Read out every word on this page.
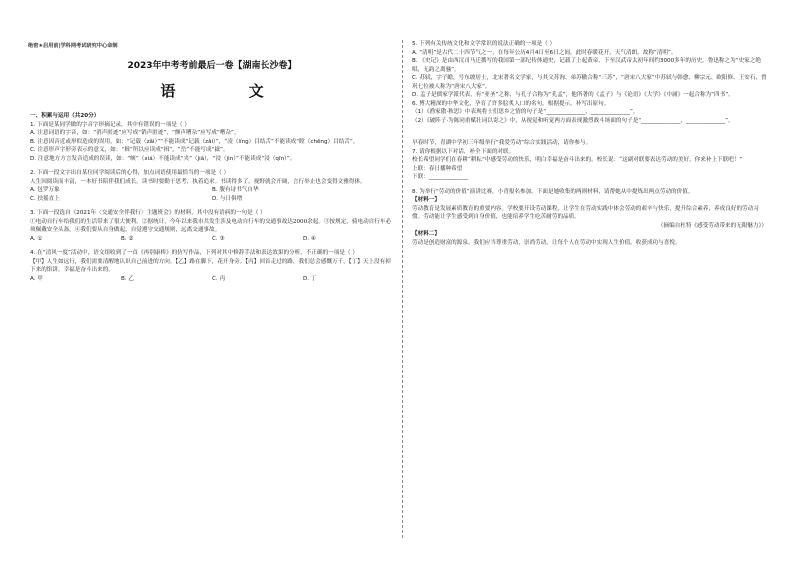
绝密★启用前|学科网考试研究中心命制
2023年中考考前最后一卷【湖南长沙卷】
语 文

一、积累与运用（共20分）

1. 下面是某同学做的字音字形摘记录，其中有错误的一项是（ ）

A. 注意词语的字音，如：“消声匿迹”应写成“销声匿迹”，“颤声嘈杂”应写成“嘈杂”。

B. 注意因音近或形似造成的误用，如：“记载（zǎi）”“不能读成“记载（zǎi）”，“凌（líng）目结舌”不能读成“瞠（chēng）目结舌”。

C. 注意形声字形旁表示的意义，如：“揖”所以应读成“揖”，“岳”不能写成“嶽”。

D. 注意地方方言发音造成的误读，如：“峡”（xiá）不能读成“夹”（jiā），“浸（jìn）”不能读成“浸（qīn）”。

2. 下面一段文字出自某位同学阅读后的心得，加点词语使用最恰当的一项是（ ）

人生因阅读而丰富，一本好书陪伴我们成长。读书时要勤于思考，执着追求。书读得多了，视野就会开阔，言行举止也会变得文雅得体。

A. 包罗万象	B. 腹有诗书气自华
C. 扶摇直上	D. 与日俱增

3. 下面一段选自《2021年〈交通安全伴我行〉主题班会》的材料，其中没有语病的一句是（ ）

①电动自行车给我们的生活带来了很大便利。②据统计，今年以来我市共发生涉及电动自行车的交通事故达2000余起。③按规定，骑电动自行车必须佩戴安全头盔。④我们要从自身做起，自觉遵守交通规则，远离交通事故。

A. ①	B. ②	C. ③	D. ④

4. 在“清风一度”活动中，语文组收到了一首《再别康桥》的仿写作品，下列对其中修辞手法和表达效果的分析，不正确的一项是（ ）

【甲】人生如远行，我们需要清醒地认识自己前进的方向。【乙】路在脚下，花开身旁。【丙】回首走过的路，我们总会感慨万千。【丁】天上没有掉下来的馅饼，幸福是奋斗出来的。

A. 甲	B. 乙	C. 丙	D. 丁

5. 下列有关传统文化和文学常识的说法正确的一项是（ ）

A. “清明”是古代二十四节气之一，在每年公历4月4日至6日之间，此时春暖花开，天气清朗，故称“清明”。

B. 《史记》是由西汉司马迁撰写的我国第一部纪传体通史，记载了上起黄帝、下至汉武帝太初年间约3000多年的历史，鲁迅称之为“史家之绝唱，无韵之离骚”。

C. 苏轼，字子瞻，号东坡居士，北宋著名文学家，与其父苏洵、弟苏辙合称“三苏”，“唐宋八大家”中苏轼与韩愈、柳宗元、欧阳修、王安石、曾巩七位被人称为“唐宋八大家”。

D. 孟子是儒家学派代表，有“亚圣”之称，与孔子合称为“孔孟”，他所著的《孟子》与《论语》《大学》《中庸》一起合称为“四书”。

6. 博大精深的中华文化，孕育了许多脍炙人口的名句。根据提示，补写出原句。

（1）《渔家傲·秋思》中表现将士们思乡之情的句子是“______________，______________”。

（2）《破阵子·为陈同甫赋壮词以寄之》中，从视觉和听觉两方面表现激烈战斗场面的句子是“______________，______________”。

早春时节，青湖中学初三年级举行“我爱劳动”综合实践活动，请你参与。

7. 请你根据以下对话，补全下面的对联。

校长希望同学们在春耕“耕耘”中感受劳动的快乐，明白幸福是奋斗出来的。校长说：“这副对联要表达劳动的美好，你来补上下联吧！”

上联：春日播种希望

下联：______________

8. 为举行“劳动的价值”演讲比赛，小青报名参加。下面是她收集的两则材料，请帮她从中提炼出两点劳动的价值。

【材料一】

劳动教育是发展素质教育的重要内容。学校要开设劳动课程，让学生在劳动实践中体会劳动的艰辛与快乐，提升综合素养，养成良好的劳动习惯。劳动能让学生感受到自身价值，也能培养学生吃苦耐劳的品质。

（摘编自杜特《感受劳动带来的无限魅力》）

【材料二】

劳动是创造财富的源泉。我们应当尊重劳动，崇尚劳动，让每个人在劳动中实现人生价值，收获成功与喜悦。
